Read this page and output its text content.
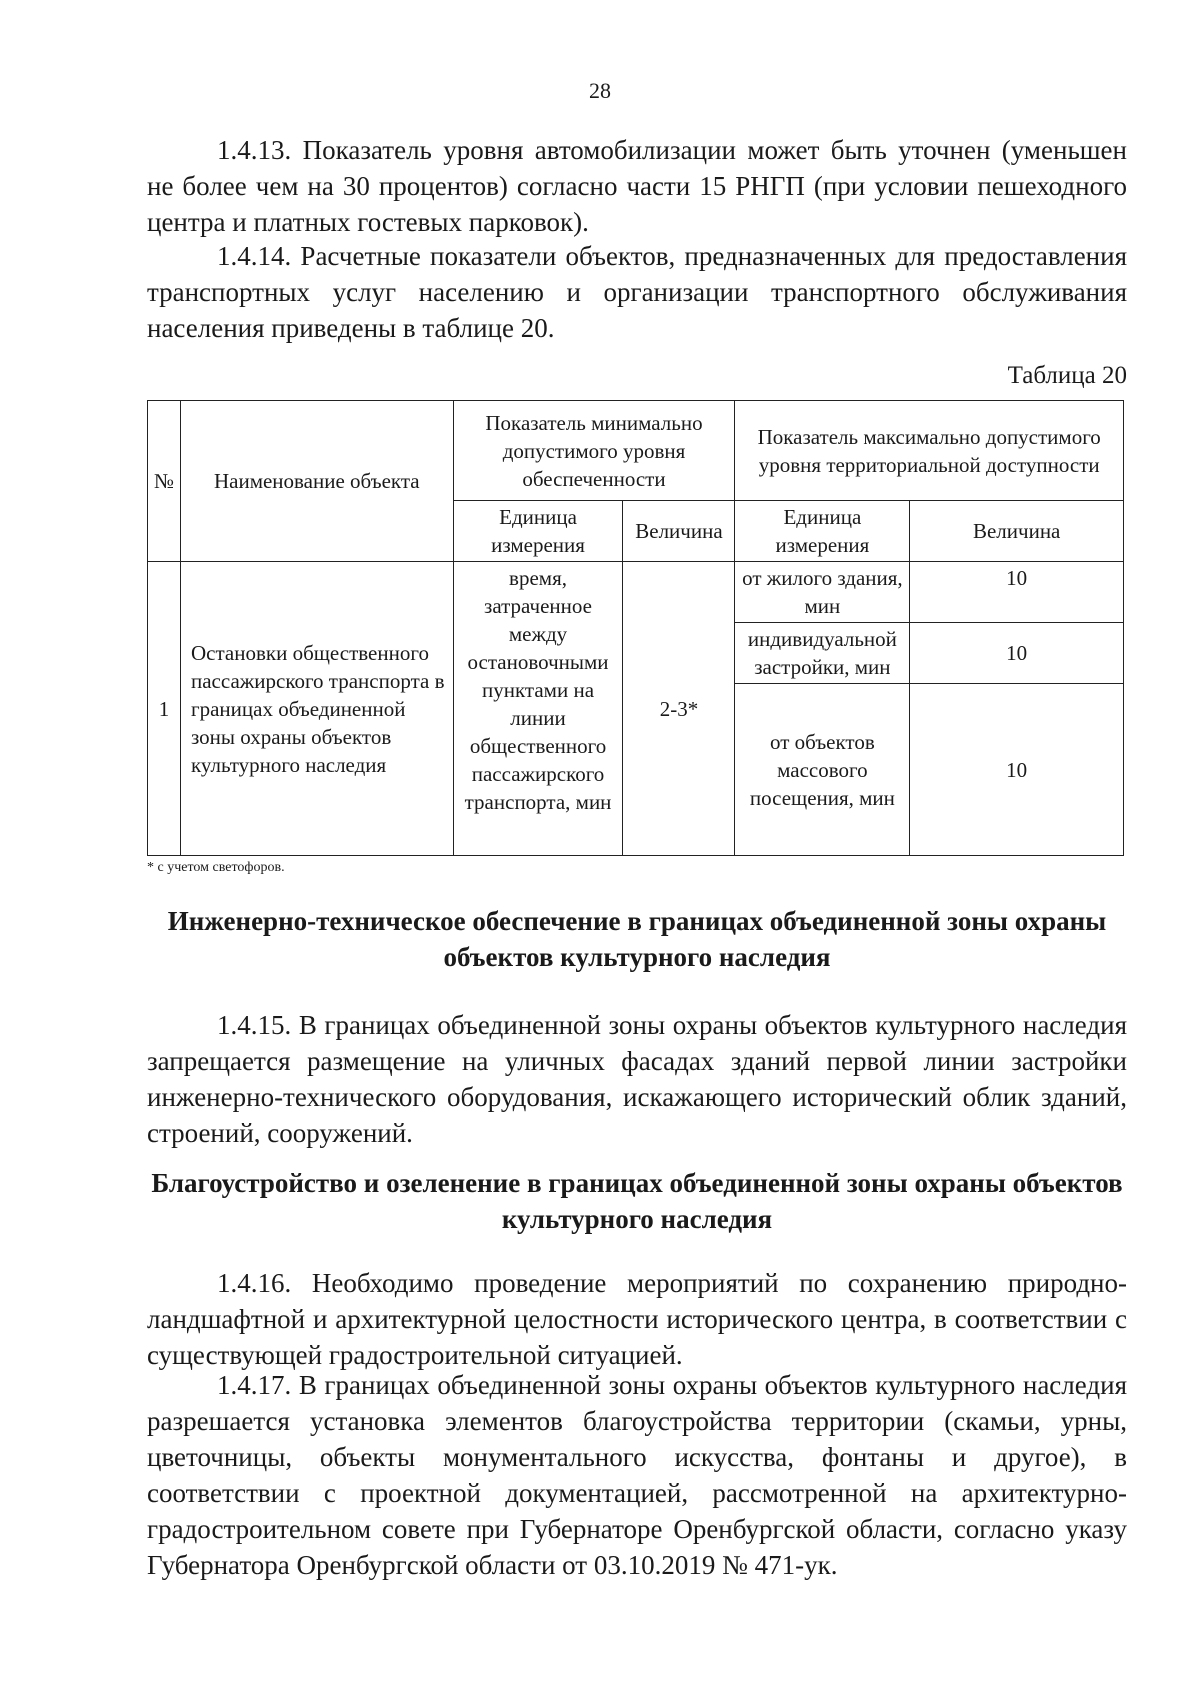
28

1.4.13. Показатель уровня автомобилизации может быть уточнен (уменьшен не более чем на 30 процентов) согласно части 15 РНГП (при условии пешеходного центра и платных гостевых парковок).

1.4.14. Расчетные показатели объектов, предназначенных для предоставления транспортных услуг населению и организации транспортного обслуживания населения приведены в таблице 20.

Таблица 20
№	Наименование объекта	Показатель минимально допустимого уровня обеспеченности		Показатель максимально допустимого уровня территориальной доступности	
		Единица измерения	Величина	Единица измерения	Величина
1	Остановки общественного пассажирского транспорта в границах объединенной зоны охраны объектов культурного наследия	время, затраченное между остановочными пунктами на линии общественного пассажирского транспорта, мин	2-3*	от жилого здания, мин	10
				индивидуальной застройки, мин	10
				от объектов массового посещения, мин	10
* с учетом светофоров.
Инженерно-техническое обеспечение в границах объединенной зоны охраны объектов культурного наследия

1.4.15. В границах объединенной зоны охраны объектов культурного наследия запрещается размещение на уличных фасадах зданий первой линии застройки инженерно-технического оборудования, искажающего исторический облик зданий, строений, сооружений.

Благоустройство и озеленение в границах объединенной зоны охраны объектов культурного наследия

1.4.16. Необходимо проведение мероприятий по сохранению природно-ландшафтной и архитектурной целостности исторического центра, в соответствии с существующей градостроительной ситуацией.

1.4.17. В границах объединенной зоны охраны объектов культурного наследия разрешается установка элементов благоустройства территории (скамьи, урны, цветочницы, объекты монументального искусства, фонтаны и другое), в соответствии с проектной документацией, рассмотренной на архитектурно-градостроительном совете при Губернаторе Оренбургской области, согласно указу Губернатора Оренбургской области от 03.10.2019 № 471-ук.
